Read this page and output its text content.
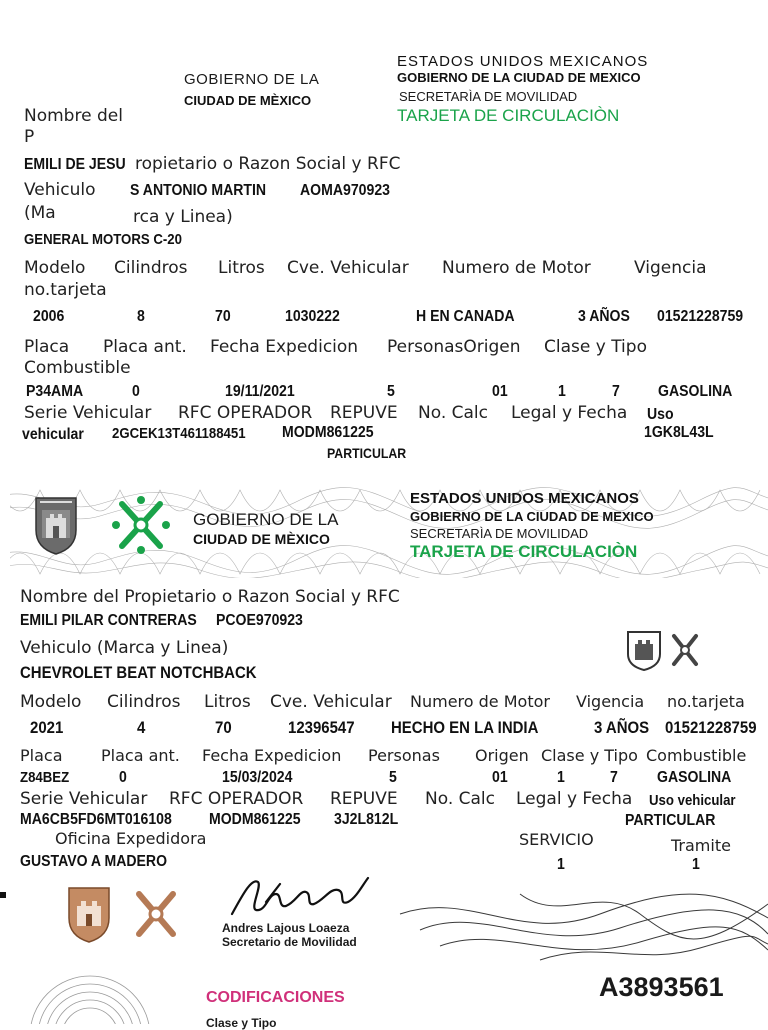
ESTADOS UNIDOS MEXICANOS
GOBIERNO DE LA CIUDAD DE MEXICO
SECRETARÌA DE MOVILIDAD
TARJETA DE CIRCULACIÒN
GOBIERNO DE LA
CIUDAD DE MÈXICO
Nombre del
P
EMILI DE JESU ropietario o Razon Social y RFC
Vehiculo
(Ma
S ANTONIO MARTIN AOMA970923
rca y Linea)
GENERAL MOTORS C-20
Modelo Cilindros Litros Cve. Vehicular Numero de Motor	Vigencia
no.tarjeta
2006	8	70	1030222	H EN CANADA	3 AÑOS 01521228759
Placa Placa ant. Fecha Expedicion PersonasOrigen Clase y Tipo
Combustible
P34AMA	0	19/11/2021	5	01	1	7 GASOLINA
Serie Vehicular RFC OPERADOR REPUVE No. Calc Legal y Fecha Uso
vehicular 2GCEK13T461188451 MODM861225	1GK8L43L
PARTICULAR
GOBIERNO DE LA
CIUDAD DE MÈXICO
ESTADOS UNIDOS MEXICANOS
GOBIERNO DE LA CIUDAD DE MEXICO
SECRETARÌA DE MOVILIDAD
TARJETA DE CIRCULACIÒN
Nombre del Propietario o Razon Social y RFC
EMILI PILAR CONTRERAS PCOE970923
Vehiculo (Marca y Linea)
CHEVROLET BEAT NOTCHBACK
Modelo Cilindros Litros Cve. Vehicular Numero de Motor Vigencia no.tarjeta
2021	4	70	12396547 HECHO EN LA INDIA	3 AÑOS 01521228759
Placa Placa ant. Fecha Expedicion Personas Origen Clase y Tipo Combustible
Z84BEZ	0	15/03/2024	5	01	1	7 GASOLINA
Serie Vehicular RFC OPERADOR REPUVE No. Calc Legal y Fecha Uso vehicular
MA6CB5FD6MT016108 MODM861225 3J2L812L	PARTICULAR
Oficina Expedidora	SERVICIO	Tramite
GUSTAVO A MADERO	1	1
Andres Lajous Loaeza
Secretario de Movilidad
CODIFICACIONES
Clase y Tipo
A3893561
